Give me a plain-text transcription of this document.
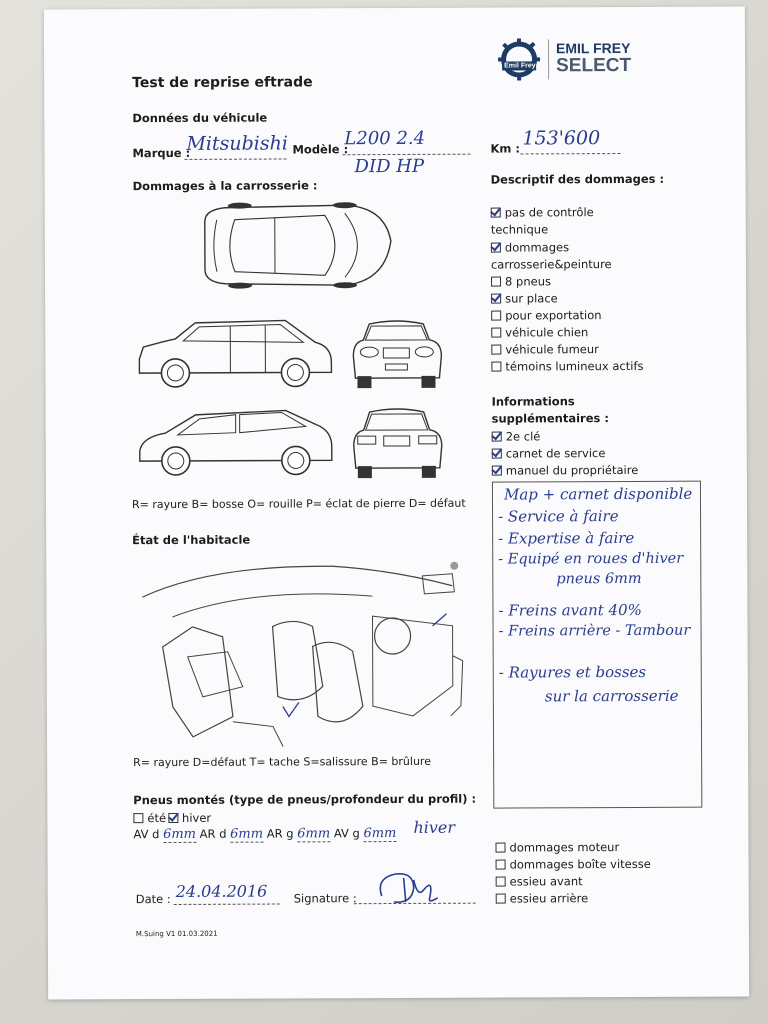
Emil Frey
EMIL FREY
SELECT
Test de reprise eftrade
Données du véhicule
Marque :
Mitsubishi Modèle :
L200 2.4
DID HP
Km : 153'600
Dommages à la carrosserie :
R= rayure B= bosse O= rouille P= éclat de pierre D= défaut
État de l'habitacle
R= rayure D=défaut T= tache S=salissure B= brûlure
Descriptif des dommages :
pas de contrôle
technique
dommages
carrosserie&peinture
8 pneus
sur place
pour exportation
véhicule chien
véhicule fumeur
témoins lumineux actifs
Informations
supplémentaires :
2e clé
carnet de service
manuel du propriétaire
Map + carnet disponible
- Service à faire
- Expertise à faire
- Equipé en roues d'hiver
pneus 6mm
- Freins avant 40%
- Freins arrière - Tambour
- Rayures et bosses
sur la carrosserie
Pneus montés (type de pneus/profondeur du profil) :
été hiver
AV d 6mm AR d 6mm AR g 6mm AV g 6mm hiver
dommages moteur
dommages boîte vitesse
essieu avant
essieu arrière
Date : 24.04.2016 Signature :
M.Suing V1 01.03.2021
